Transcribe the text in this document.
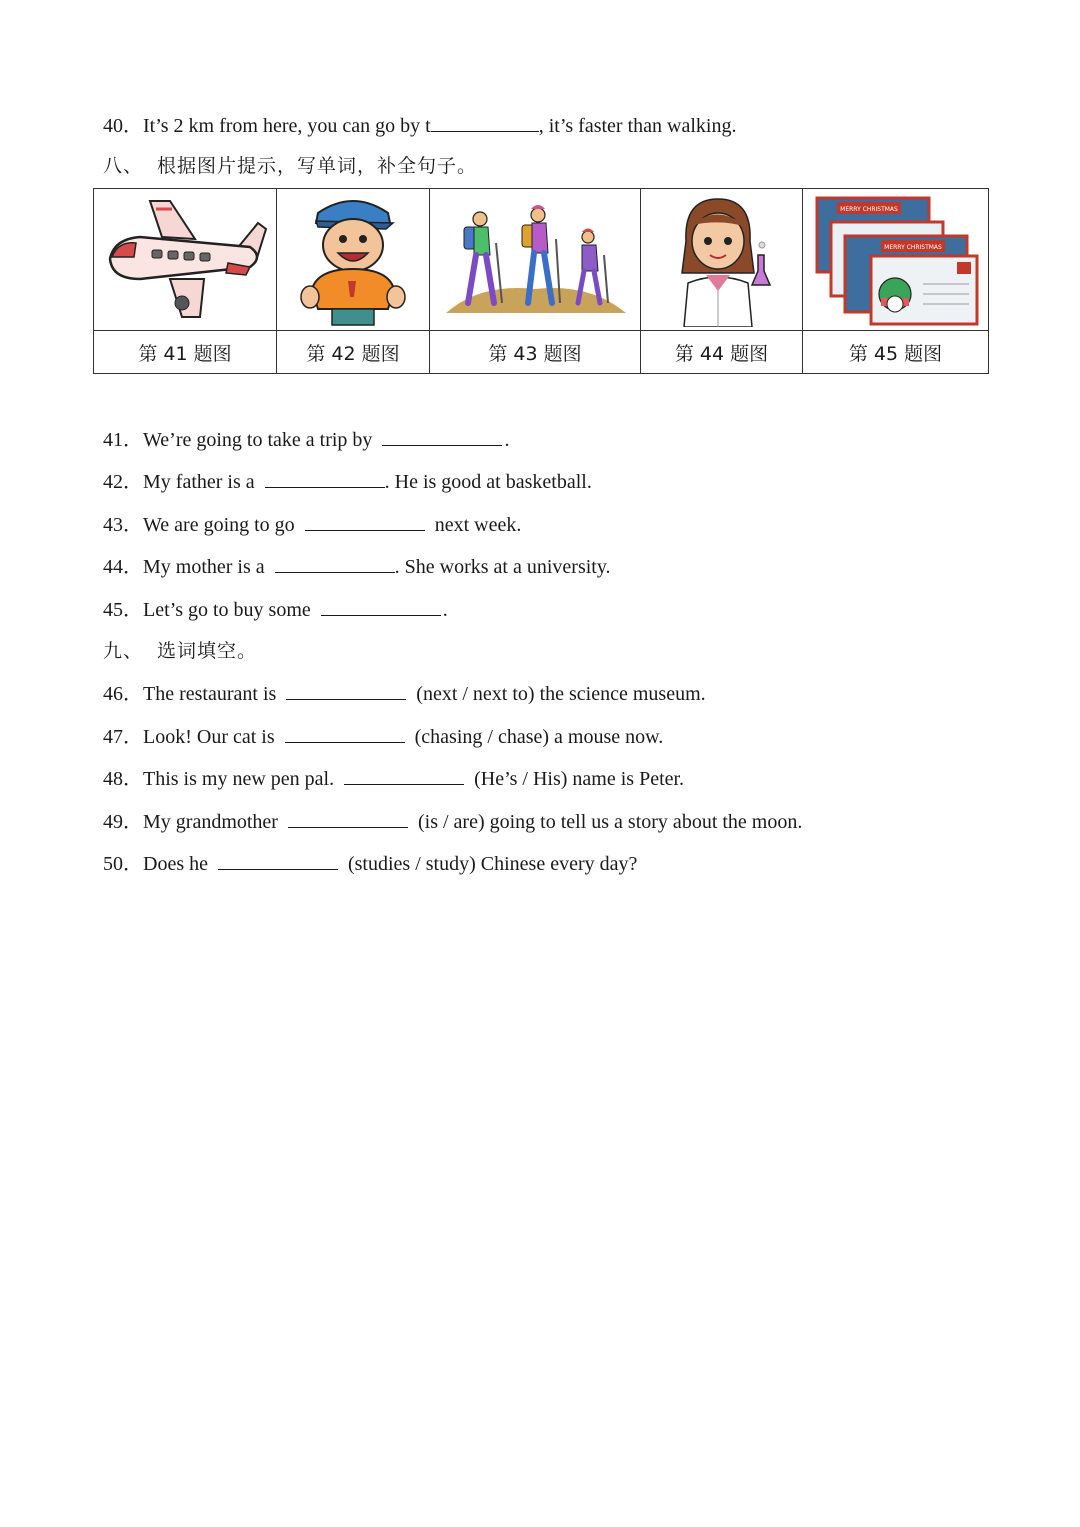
40．It’s 2 km from here, you can go by t	, it’s faster than walking.
八、 根据图片提示，写单词，补全句子。

MERRY CHRISTMAS
MERRY CHRISTMAS

第 41 题图	第 42 题图	第 43 题图	第 44 题图	第 45 题图
41．We’re going to take a trip by	.
42．My father is a	. He is good at basketball.
43．We are going to go	next week.
44．My mother is a	. She works at a university.
45．Let’s go to buy some	.
九、 选词填空。
46．The restaurant is	(next / next to) the science museum.
47．Look! Our cat is	(chasing / chase) a mouse now.
48．This is my new pen pal.	(He’s / His) name is Peter.
49．My grandmother	(is / are) going to tell us a story about the moon.
50．Does he	(studies / study) Chinese every day?
